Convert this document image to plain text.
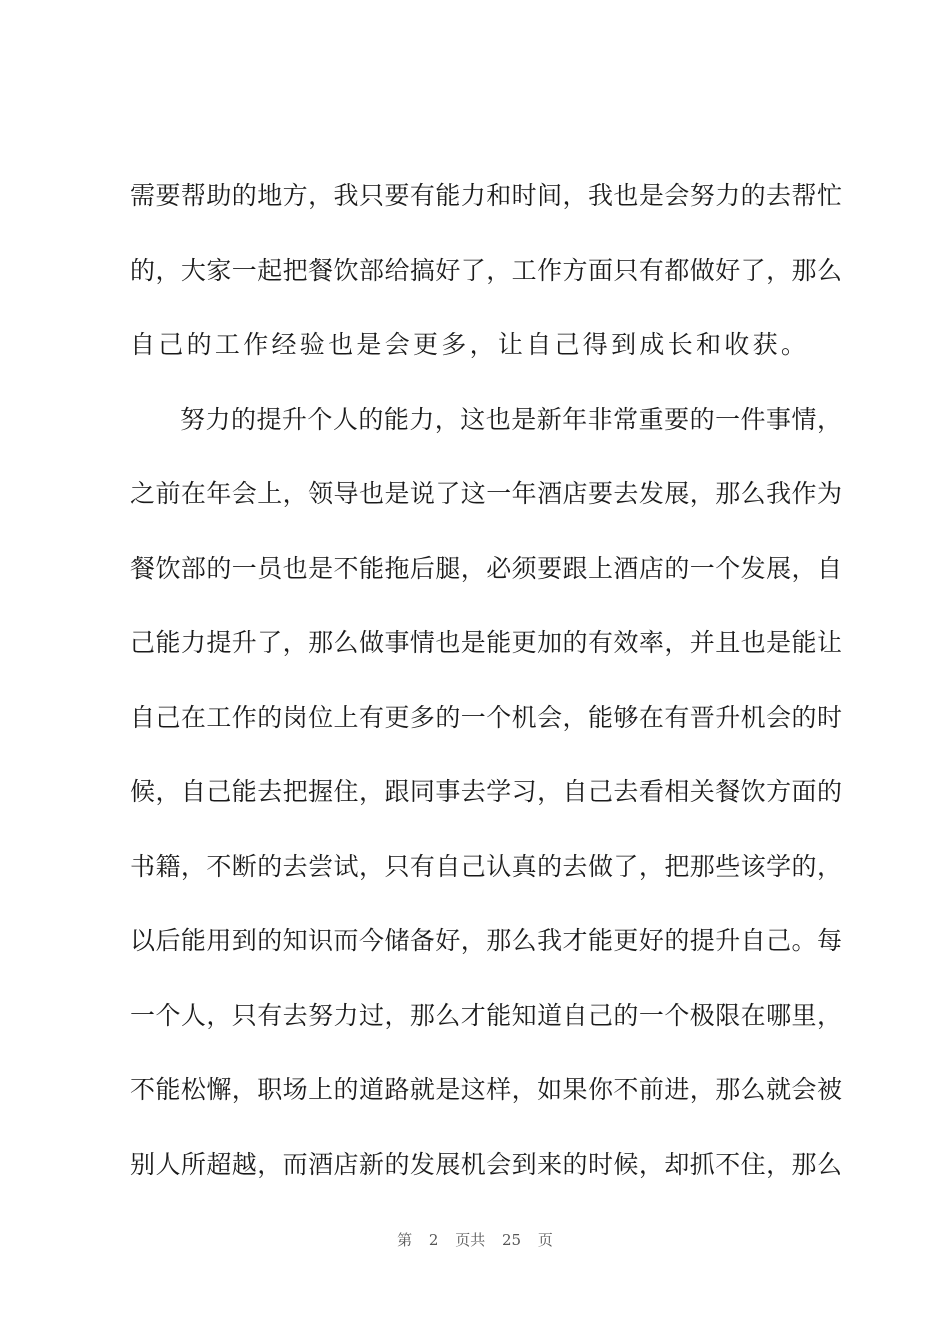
需要帮助的地方，我只要有能力和时间，我也是会努力的去帮忙
的，大家一起把餐饮部给搞好了，工作方面只有都做好了，那么
自己的工作经验也是会更多，让自己得到成长和收获。
努力的提升个人的能力，这也是新年非常重要的一件事情，
之前在年会上，领导也是说了这一年酒店要去发展，那么我作为
餐饮部的一员也是不能拖后腿，必须要跟上酒店的一个发展，自
己能力提升了，那么做事情也是能更加的有效率，并且也是能让
自己在工作的岗位上有更多的一个机会，能够在有晋升机会的时
候，自己能去把握住，跟同事去学习，自己去看相关餐饮方面的
书籍，不断的去尝试，只有自己认真的去做了，把那些该学的，
以后能用到的知识而今储备好，那么我才能更好的提升自己。每
一个人，只有去努力过，那么才能知道自己的一个极限在哪里，
不能松懈，职场上的道路就是这样，如果你不前进，那么就会被
别人所超越，而酒店新的发展机会到来的时候，却抓不住，那么
第 2 页共 25 页
